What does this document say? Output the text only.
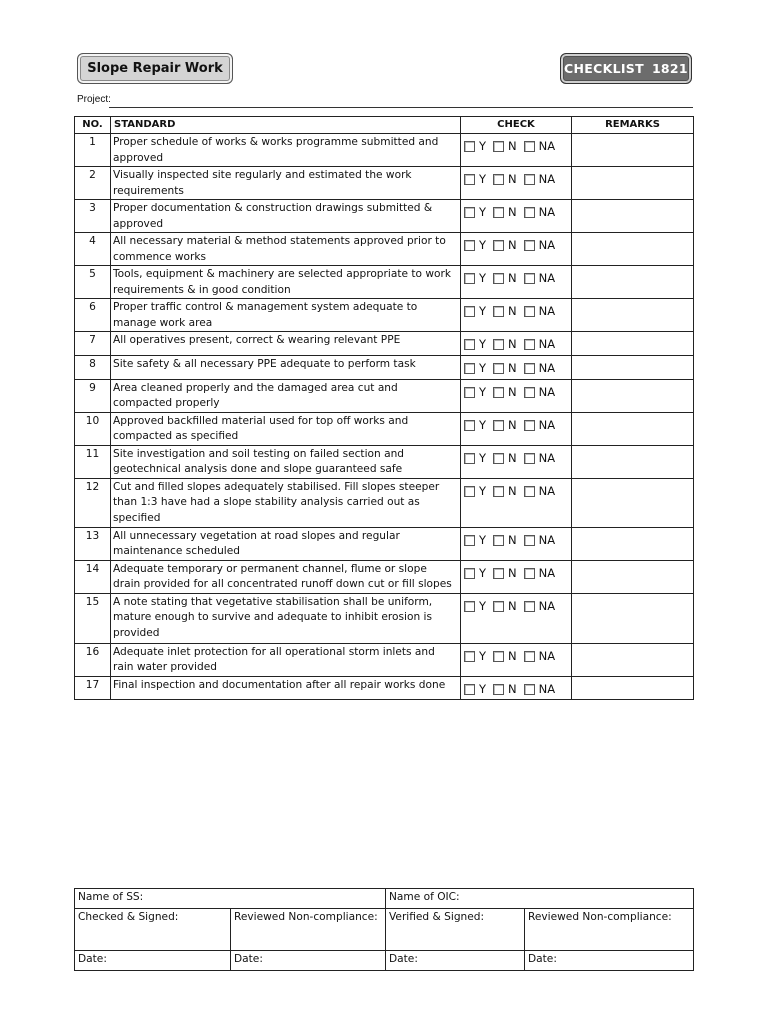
Slope Repair Work	CHECKLIST 1821
Project:
NO.	STANDARD	CHECK	REMARKS
1	Proper schedule of works & works programme submitted and approved	Y N NA	

2	Visually inspected site regularly and estimated the work requirements	Y N NA	

3	Proper documentation & construction drawings submitted & approved	Y N NA	

4	All necessary material & method statements approved prior to commence works	Y N NA	

5	Tools, equipment & machinery are selected appropriate to work requirements & in good condition	Y N NA	

6	Proper traffic control & management system adequate to manage work area	Y N NA	

7	All operatives present, correct & wearing relevant PPE	Y N NA	

8	Site safety & all necessary PPE adequate to perform task	Y N NA	

9	Area cleaned properly and the damaged area cut and compacted properly	Y N NA	

10	Approved backfilled material used for top off works and compacted as specified	Y N NA	

11	Site investigation and soil testing on failed section and geotechnical analysis done and slope guaranteed safe	Y N NA	

12	Cut and filled slopes adequately stabilised. Fill slopes steeper than 1:3 have had a slope stability analysis carried out as specified	Y N NA	

13	All unnecessary vegetation at road slopes and regular maintenance scheduled	Y N NA	

14	Adequate temporary or permanent channel, flume or slope drain provided for all concentrated runoff down cut or fill slopes	Y N NA	

15	A note stating that vegetative stabilisation shall be uniform, mature enough to survive and adequate to inhibit erosion is provided	Y N NA	

16	Adequate inlet protection for all operational storm inlets and rain water provided	Y N NA	

17	Final inspection and documentation after all repair works done	Y N NA	

Name of SS:		Name of OIC:	
Checked & Signed:	Reviewed Non-compliance:	Verified & Signed:	Reviewed Non-compliance:
Date:	Date:	Date:	Date:
